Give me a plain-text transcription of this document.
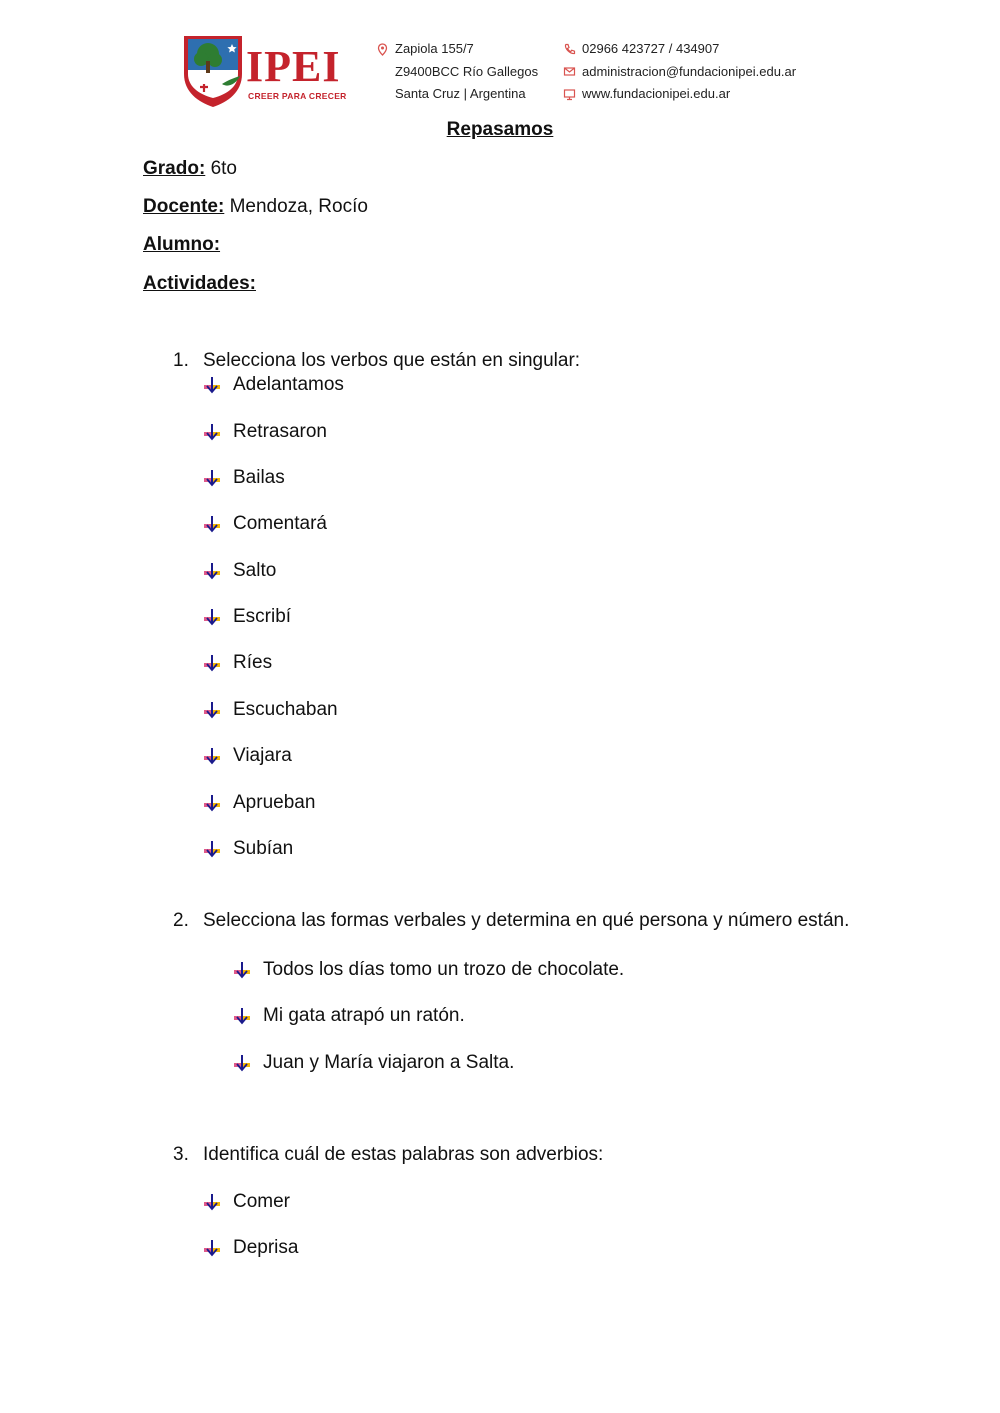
IPEI
CREER PARA CRECER
Zapiola 155/7
Z9400BCC Río Gallegos
Santa Cruz | Argentina
02966 423727 / 434907
administracion@fundacionipei.edu.ar
www.fundacionipei.edu.ar
Repasamos
Grado: 6to
Docente: Mendoza, Rocío
Alumno:
Actividades:
1. Selecciona los verbos que están en singular:
Adelantamos
Retrasaron
Bailas
Comentará
Salto
Escribí
Ríes
Escuchaban
Viajara
Aprueban
Subían
2. Selecciona las formas verbales y determina en qué persona y número están.
Todos los días tomo un trozo de chocolate.
Mi gata atrapó un ratón.
Juan y María viajaron a Salta.
3. Identifica cuál de estas palabras son adverbios:
Comer
Deprisa
